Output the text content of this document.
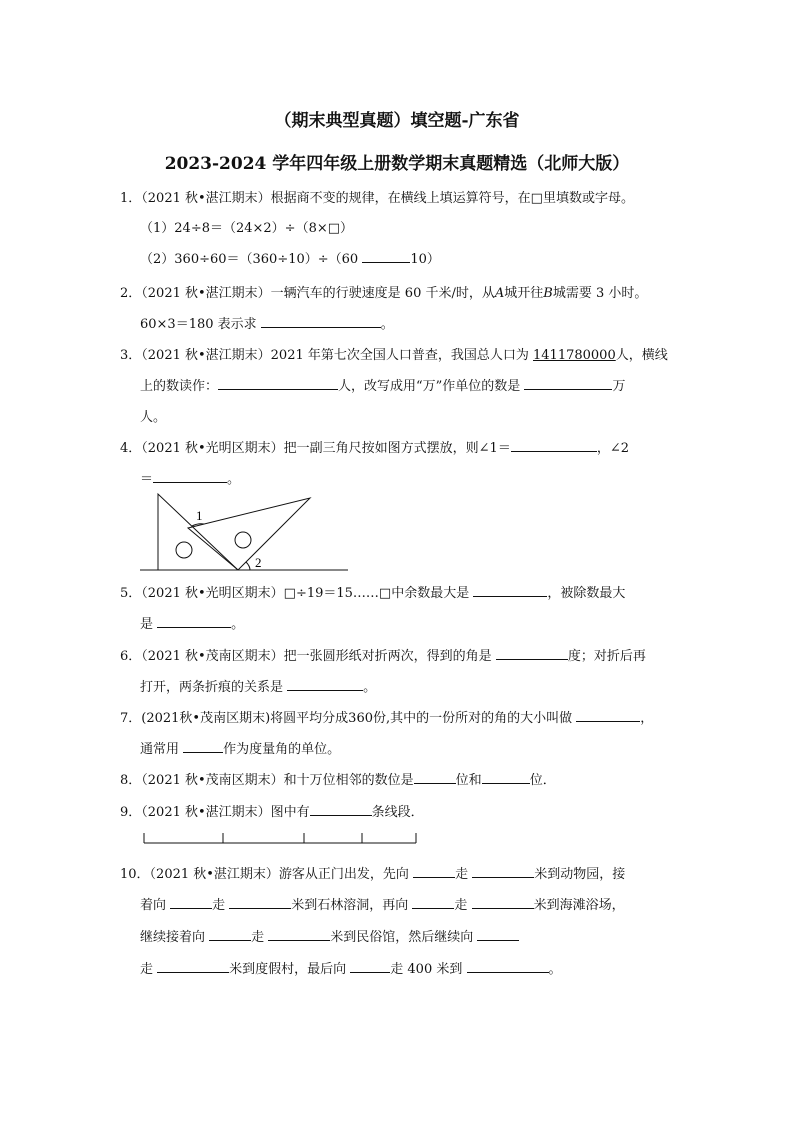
（期末典型真题）填空题-广东省
2023-2024 学年四年级上册数学期末真题精选（北师大版）
1．（2021 秋•湛江期末）根据商不变的规律，在横线上填运算符号，在□里填数或字母。
（1）24÷8＝（24×2）÷（8×□）
（2）360÷60＝（360÷10）÷（60	10）
2．（2021 秋•湛江期末）一辆汽车的行驶速度是 60 千米/时，从A城开往B城需要 3 小时。
60×3＝180 表示求	。
3．（2021 秋•湛江期末）2021 年第七次全国人口普查，我国总人口为 1411780000人，横线
上的数读作：	人，改写成用“万”作单位的数是	万
人。
4．（2021 秋•光明区期末）把一副三角尺按如图方式摆放，则∠1＝	，∠2
＝	。
1
2
5．（2021 秋•光明区期末）□÷19＝15……□中余数最大是	，被除数最大
是	。
6．（2021 秋•茂南区期末）把一张圆形纸对折两次，得到的角是	度；对折后再
打开，两条折痕的关系是	。
7．(2021秋•茂南区期末)将圆平均分成360份,其中的一份所对的角的大小叫做	，
通常用	作为度量角的单位。
8．（2021 秋•茂南区期末）和十万位相邻的数位是	位和	位．
9．（2021 秋•湛江期末）图中有	条线段．
10．（2021 秋•湛江期末）游客从正门出发，先向	走	米到动物园，接
着向	走	米到石林溶洞，再向	走	米到海滩浴场，
继续接着向	走	米到民俗馆，然后继续向
走	米到度假村，最后向	走 400 米到	。
